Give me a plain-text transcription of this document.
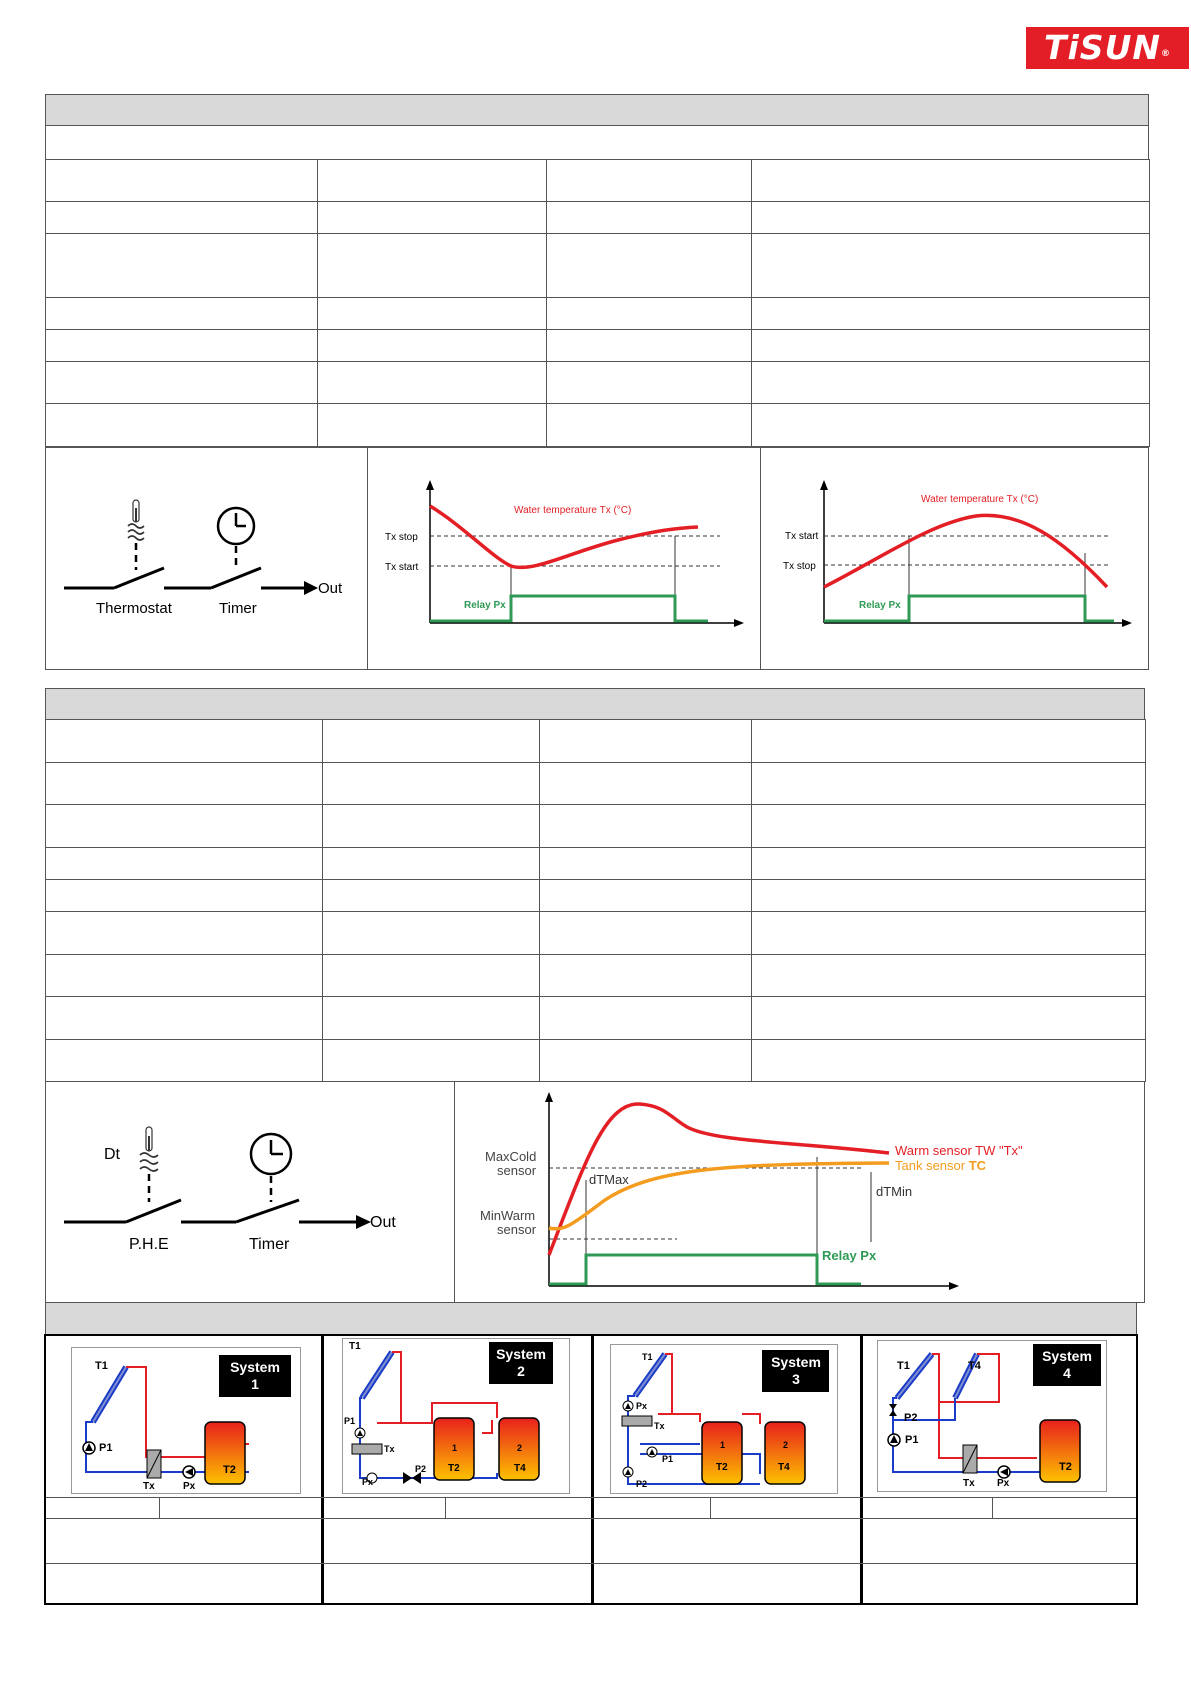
TiSUN®

Thermostat	Timer
Out
Water temperature Tx (°C)
Tx stop
Tx start
Relay Px
Water temperature Tx (°C)
Tx start
Tx stop
Relay Px

Dt
P.H.E	Timer
Out
MaxCold
sensor
MinWarm
sensor
dTMax
dTMin
Warm sensor TW "Tx"
Tank sensor TC
Relay Px
System
1
T1
P1
Tx	Px
T2
System
2
T1
P1
Tx
Px
P2
1
T2
2
T4
System
3
T1
Px
Tx
P1
P2
1
T2
2
T4
System
4
T1	T4
P2
P1
Tx Px
T2
